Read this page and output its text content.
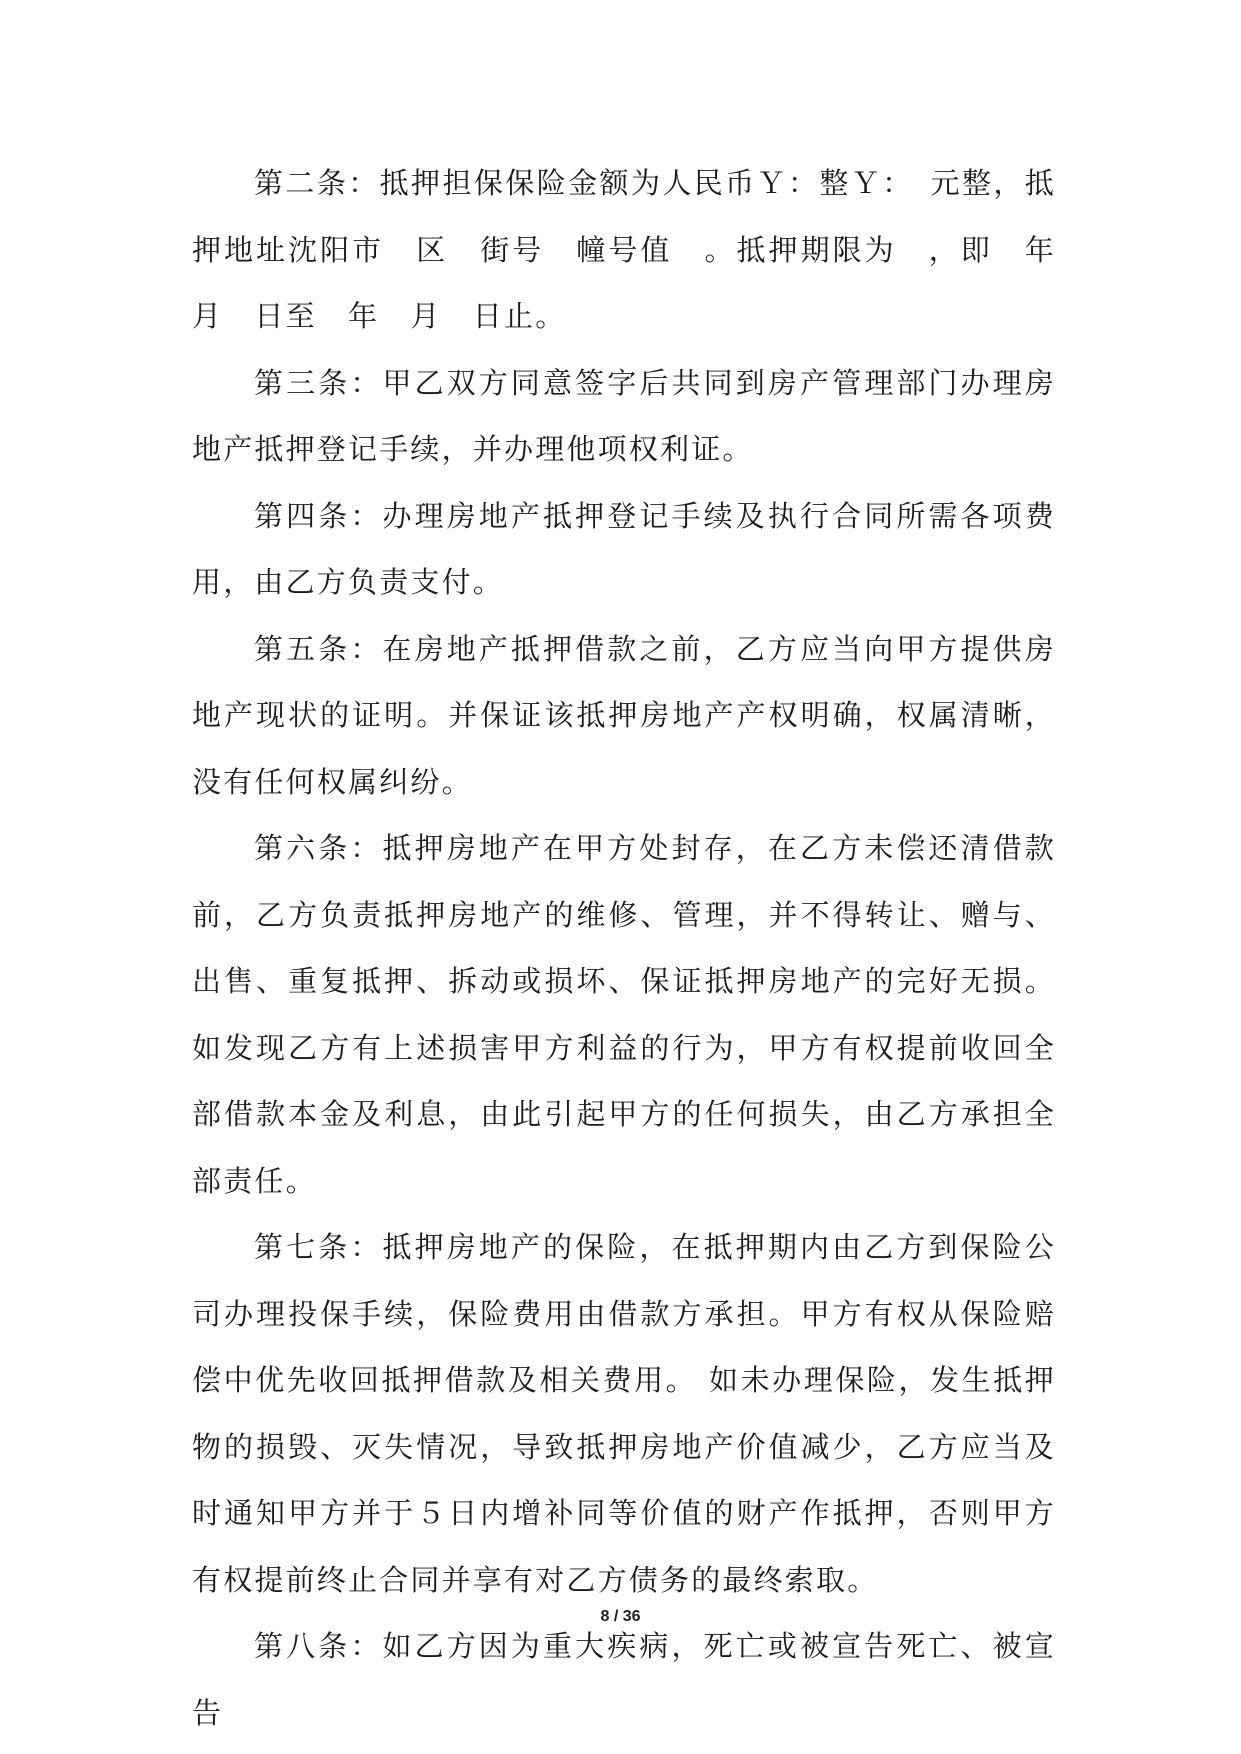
第二条：抵押担保保险金额为人民币Ｙ：整Ｙ：　元整，抵押地址沈阳市　区　街号　幢号值　。抵押期限为　，即　年　月　日至　年　月　日止。

第三条：甲乙双方同意签字后共同到房产管理部门办理房地产抵押登记手续，并办理他项权利证。

第四条：办理房地产抵押登记手续及执行合同所需各项费用，由乙方负责支付。

第五条：在房地产抵押借款之前，乙方应当向甲方提供房地产现状的证明。并保证该抵押房地产产权明确，权属清晰，没有任何权属纠纷。

第六条：抵押房地产在甲方处封存，在乙方未偿还清借款前，乙方负责抵押房地产的维修、管理，并不得转让、赠与、出售、重复抵押、拆动或损坏、保证抵押房地产的完好无损。如发现乙方有上述损害甲方利益的行为，甲方有权提前收回全部借款本金及利息，由此引起甲方的任何损失，由乙方承担全部责任。

第七条：抵押房地产的保险，在抵押期内由乙方到保险公司办理投保手续，保险费用由借款方承担。甲方有权从保险赔偿中优先收回抵押借款及相关费用。 如未办理保险，发生抵押物的损毁、灭失情况，导致抵押房地产价值减少，乙方应当及时通知甲方并于５日内增补同等价值的财产作抵押，否则甲方有权提前终止合同并享有对乙方债务的最终索取。

第八条：如乙方因为重大疾病，死亡或被宣告死亡、被宣告

8 / 36
